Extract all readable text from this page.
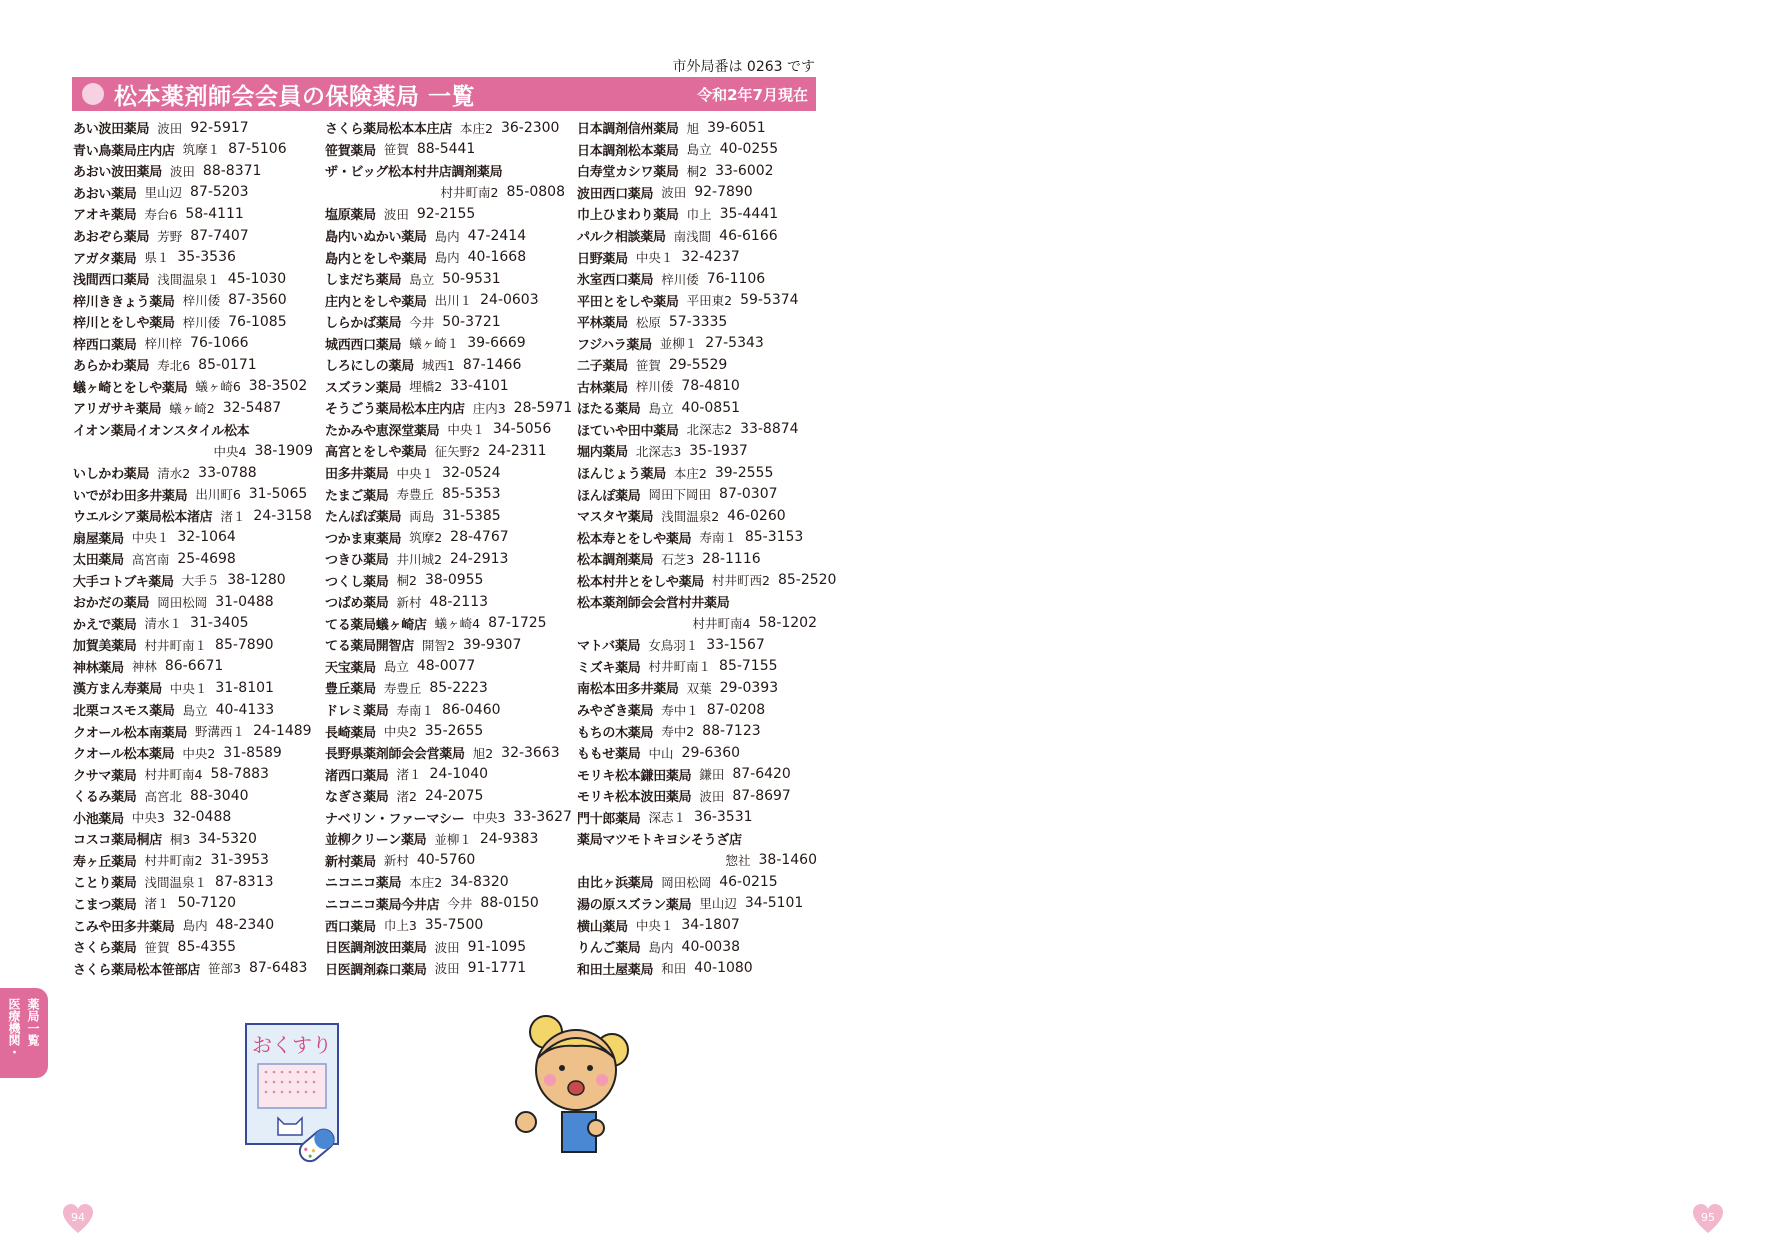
市外局番は 0263 です
松本薬剤師会会員の保険薬局 一覧	令和2年7月現在
あい波田薬局 波田 92-5917
青い鳥薬局庄内店 筑摩１ 87-5106
あおい波田薬局 波田 88-8371
あおい薬局 里山辺 87-5203
アオキ薬局 寿台6 58-4111
あおぞら薬局 芳野 87-7407
アガタ薬局 県１ 35-3536
浅間西口薬局 浅間温泉１ 45-1030
梓川ききょう薬局 梓川倭 87-3560
梓川とをしや薬局 梓川倭 76-1085
梓西口薬局 梓川梓 76-1066
あらかわ薬局 寿北6 85-0171
蟻ヶ崎とをしや薬局 蟻ヶ崎6 38-3502
アリガサキ薬局 蟻ヶ崎2 32-5487
イオン薬局イオンスタイル松本
中央4 38-1909
いしかわ薬局 清水2 33-0788
いでがわ田多井薬局 出川町6 31-5065
ウエルシア薬局松本渚店 渚１ 24-3158
扇屋薬局 中央１ 32-1064
太田薬局 高宮南 25-4698
大手コトブキ薬局 大手５ 38-1280
おかだの薬局 岡田松岡 31-0488
かえで薬局 清水１ 31-3405
加賀美薬局 村井町南１ 85-7890
神林薬局 神林 86-6671
漢方まん寿薬局 中央１ 31-8101
北栗コスモス薬局 島立 40-4133
クオール松本南薬局 野溝西１ 24-1489
クオール松本薬局 中央2 31-8589
クサマ薬局 村井町南4 58-7883
くるみ薬局 高宮北 88-3040
小池薬局 中央3 32-0488
コスコ薬局桐店 桐3 34-5320
寿ヶ丘薬局 村井町南2 31-3953
ことり薬局 浅間温泉１ 87-8313
こまつ薬局 渚１ 50-7120
こみや田多井薬局 島内 48-2340
さくら薬局 笹賀 85-4355
さくら薬局松本笹部店 笹部3 87-6483
さくら薬局松本本庄店 本庄2 36-2300
笹賀薬局 笹賀 88-5441
ザ・ビッグ松本村井店調剤薬局
村井町南2 85-0808
塩原薬局 波田 92-2155
島内いぬかい薬局 島内 47-2414
島内とをしや薬局 島内 40-1668
しまだち薬局 島立 50-9531
庄内とをしや薬局 出川１ 24-0603
しらかば薬局 今井 50-3721
城西西口薬局 蟻ヶ崎１ 39-6669
しろにしの薬局 城西1 87-1466
スズラン薬局 埋橋2 33-4101
そうごう薬局松本庄内店 庄内3 28-5971
たかみや恵深堂薬局 中央１ 34-5056
高宮とをしや薬局 征矢野2 24-2311
田多井薬局 中央１ 32-0524
たまご薬局 寿豊丘 85-5353
たんぽぽ薬局 両島 31-5385
つかま東薬局 筑摩2 28-4767
つきひ薬局 井川城2 24-2913
つくし薬局 桐2 38-0955
つばめ薬局 新村 48-2113
てる薬局蟻ヶ崎店 蟻ヶ崎4 87-1725
てる薬局開智店 開智2 39-9307
天宝薬局 島立 48-0077
豊丘薬局 寿豊丘 85-2223
ドレミ薬局 寿南１ 86-0460
長崎薬局 中央2 35-2655
長野県薬剤師会会営薬局 旭2 32-3663
渚西口薬局 渚１ 24-1040
なぎさ薬局 渚2 24-2075
ナベリン・ファーマシー 中央3 33-3627
並柳クリーン薬局 並柳１ 24-9383
新村薬局 新村 40-5760
ニコニコ薬局 本庄2 34-8320
ニコニコ薬局今井店 今井 88-0150
西口薬局 巾上3 35-7500
日医調剤波田薬局 波田 91-1095
日医調剤森口薬局 波田 91-1771
日本調剤信州薬局 旭 39-6051
日本調剤松本薬局 島立 40-0255
白寿堂カシワ薬局 桐2 33-6002
波田西口薬局 波田 92-7890
巾上ひまわり薬局 巾上 35-4441
パルク相談薬局 南浅間 46-6166
日野薬局 中央１ 32-4237
氷室西口薬局 梓川倭 76-1106
平田とをしや薬局 平田東2 59-5374
平林薬局 松原 57-3335
フジハラ薬局 並柳１ 27-5343
二子薬局 笹賀 29-5529
古林薬局 梓川倭 78-4810
ほたる薬局 島立 40-0851
ほていや田中薬局 北深志2 33-8874
堀内薬局 北深志3 35-1937
ほんじょう薬局 本庄2 39-2555
ほんぽ薬局 岡田下岡田 87-0307
マスタヤ薬局 浅間温泉2 46-0260
松本寿とをしや薬局 寿南１ 85-3153
松本調剤薬局 石芝3 28-1116
松本村井とをしや薬局 村井町西2 85-2520
松本薬剤師会会営村井薬局
村井町南4 58-1202
マトバ薬局 女鳥羽１ 33-1567
ミズキ薬局 村井町南１ 85-7155
南松本田多井薬局 双葉 29-0393
みやざき薬局 寿中１ 87-0208
もちの木薬局 寿中2 88-7123
ももせ薬局 中山 29-6360
モリキ松本鎌田薬局 鎌田 87-6420
モリキ松本波田薬局 波田 87-8697
門十郎薬局 深志１ 36-3531
薬局マツモトキヨシそうざ店
惣社 38-1460
由比ヶ浜薬局 岡田松岡 46-0215
湯の原スズラン薬局 里山辺 34-5101
横山薬局 中央１ 34-1807
りんご薬局 島内 40-0038
和田土屋薬局 和田 40-1080
医療機関・ 薬局一覧	おくすり
94	95
